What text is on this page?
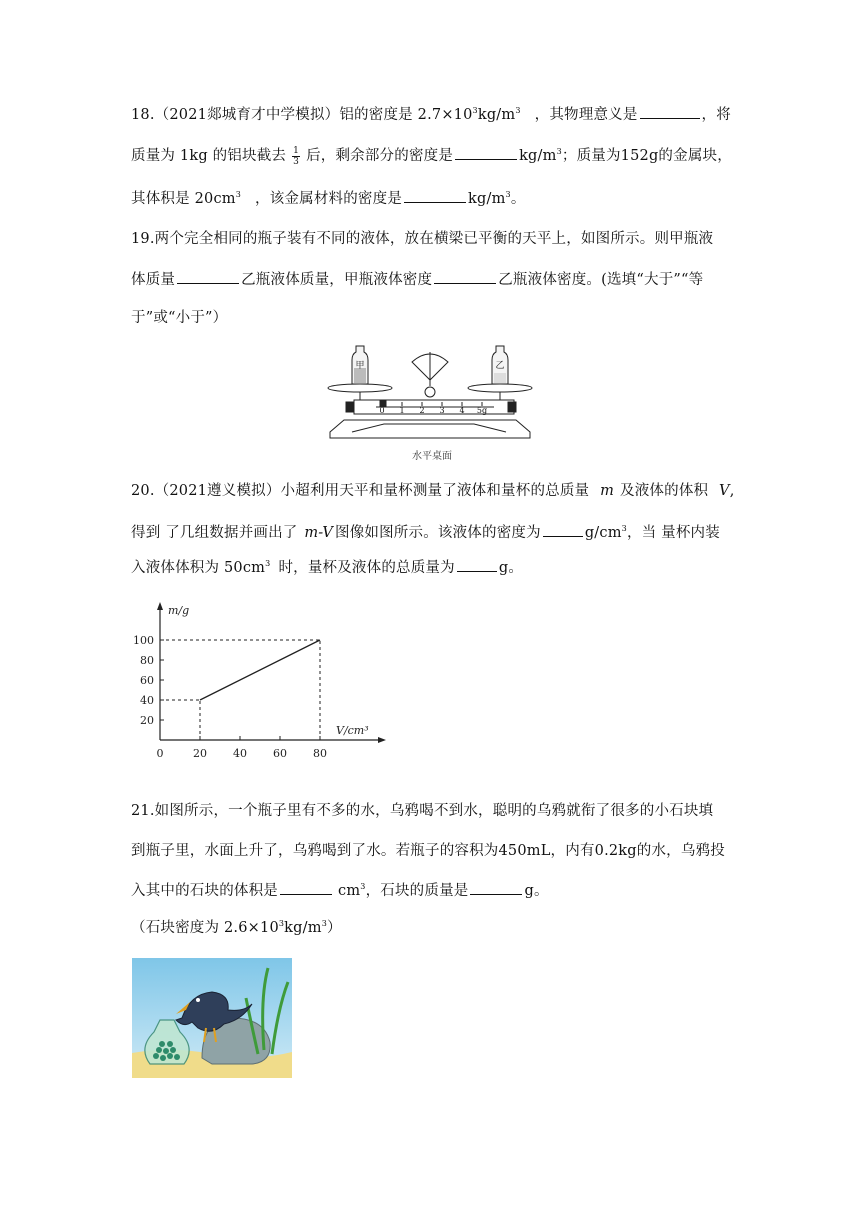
18.（2021郯城育才中学模拟）铝的密度是 $2.7\times 10^3kg/m^3$ ，其物理意义是	，将
质量为 1kg 的铝块截去 $\frac{1}{3}$ 后，剩余部分的密度是	$kg/m^3$；质量为152g的金属块，
其体积是 $20cm^3$ ，该金属材料的密度是	$kg/m^3$。
19.两个完全相同的瓶子装有不同的液体，放在横梁已平衡的天平上，如图所示。则甲瓶液
体质量	乙瓶液体质量，甲瓶液体密度	乙瓶液体密度。(选填“大于”“等
于”或“小于”）
甲	乙
0 1 2 3 4 5g
水平桌面
20.（2021遵义模拟）小超利用天平和量杯测量了液体和量杯的总质量 m 及液体的体积 V,
得到 了几组数据并画出了 m-V 图像如图所示。该液体的密度为	$g/cm^3$，当 量杯内装
入液体体积为 $50cm^3$ 时，量杯及液体的总质量为	g。
0	20 40 60 80
20
40
60
80
100
m/g
V/cm³
21.如图所示，一个瓶子里有不多的水，乌鸦喝不到水，聪明的乌鸦就衔了很多的小石块填
到瓶子里，水面上升了，乌鸦喝到了水。若瓶子的容积为450mL，内有0.2kg的水，乌鸦投
入其中的石块的体积是	$cm^3$，石块的质量是	g。
（石块密度为 $2.6\times 10^3kg/m^3$）
